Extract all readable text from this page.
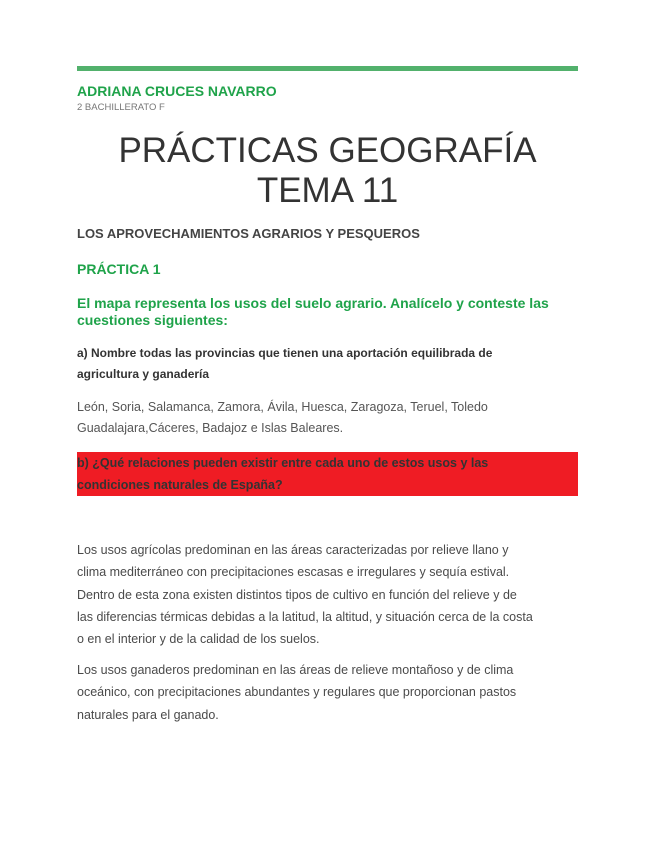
ADRIANA CRUCES NAVARRO
2 BACHILLERATO F
PRÁCTICAS GEOGRAFÍA
TEMA 11
LOS APROVECHAMIENTOS AGRARIOS Y PESQUEROS
PRÁCTICA 1
El mapa representa los usos del suelo agrario. Analícelo y conteste las
cuestiones siguientes:
a) Nombre todas las provincias que tienen una aportación equilibrada de
agricultura y ganadería
León, Soria, Salamanca, Zamora, Ávila, Huesca, Zaragoza, Teruel, Toledo
Guadalajara,Cáceres, Badajoz e Islas Baleares.
b) ¿Qué relaciones pueden existir entre cada uno de estos usos y las
condiciones naturales de España?
Los usos agrícolas predominan en las áreas caracterizadas por relieve llano y
clima mediterráneo con precipitaciones escasas e irregulares y sequía estival.
Dentro de esta zona existen distintos tipos de cultivo en función del relieve y de
las diferencias térmicas debidas a la latitud, la altitud, y situación cerca de la costa
o en el interior y de la calidad de los suelos.
Los usos ganaderos predominan en las áreas de relieve montañoso y de clima
oceánico, con precipitaciones abundantes y regulares que proporcionan pastos
naturales para el ganado.
